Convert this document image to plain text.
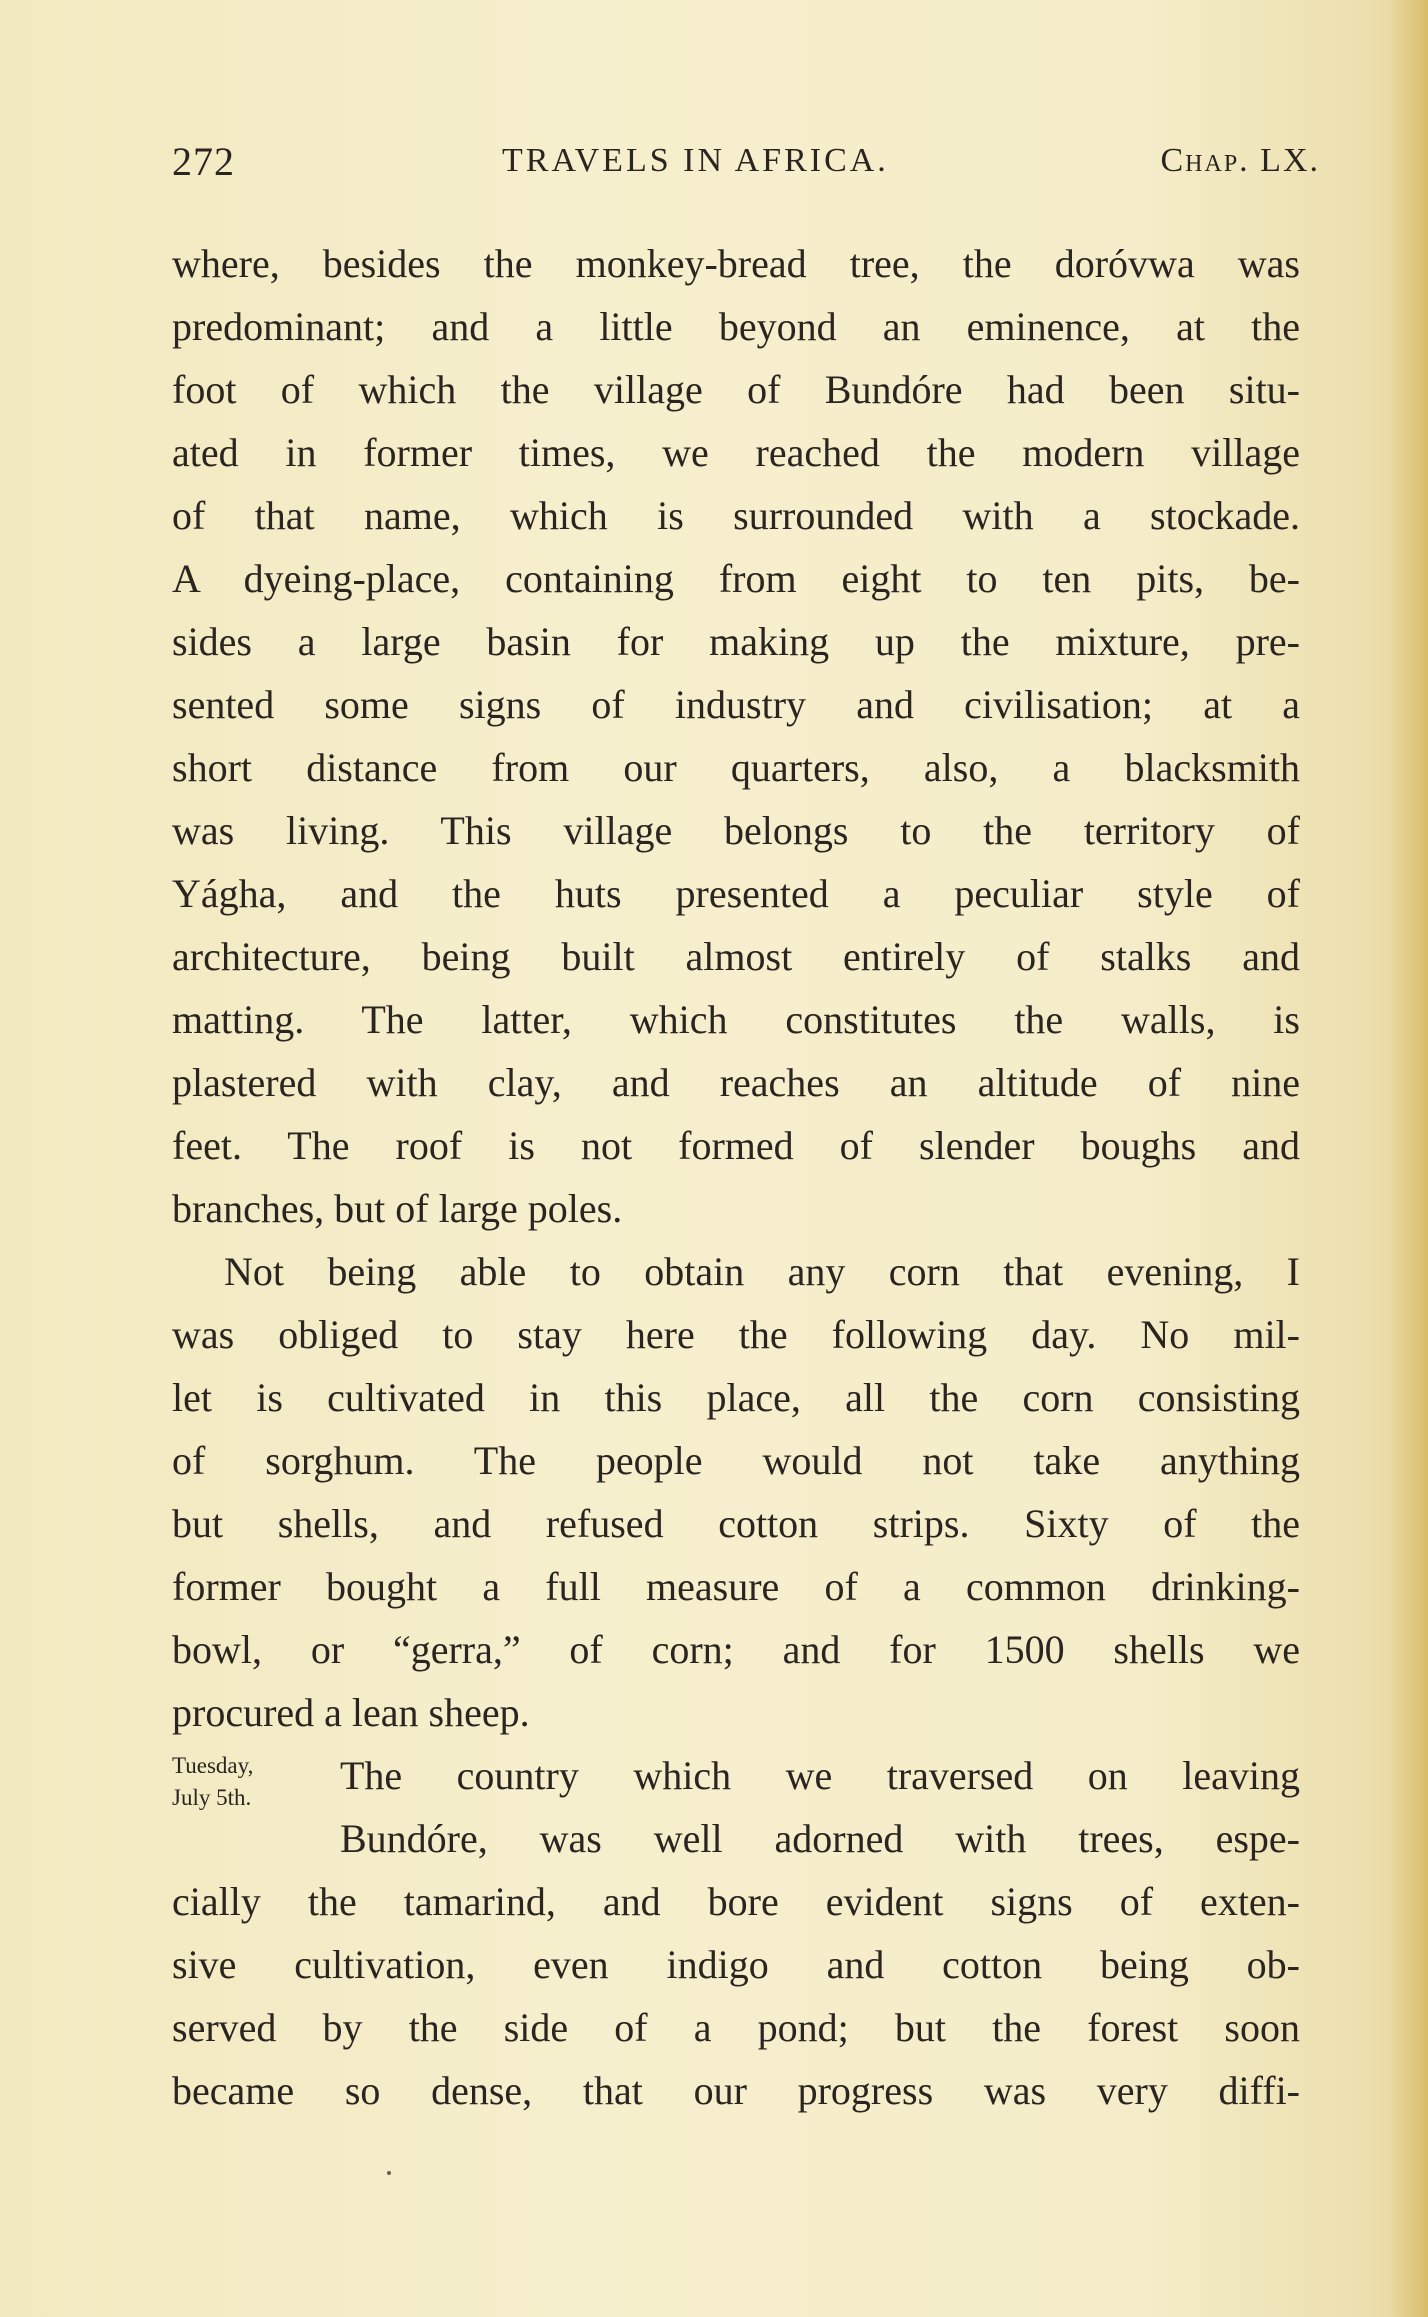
272	TRAVELS IN AFRICA.	Chap. LX.
where, besides the monkey-bread tree, the doróvwa was
predominant; and a little beyond an eminence, at the
foot of which the village of Bundóre had been situ-
ated in former times, we reached the modern village
of that name, which is surrounded with a stockade.
A dyeing-place, containing from eight to ten pits, be-
sides a large basin for making up the mixture, pre-
sented some signs of industry and civilisation; at a
short distance from our quarters, also, a blacksmith
was living. This village belongs to the territory of
Yágha, and the huts presented a peculiar style of
architecture, being built almost entirely of stalks and
matting. The latter, which constitutes the walls, is
plastered with clay, and reaches an altitude of nine
feet. The roof is not formed of slender boughs and
branches, but of large poles.
Not being able to obtain any corn that evening, I
was obliged to stay here the following day. No mil-
let is cultivated in this place, all the corn consisting
of sorghum. The people would not take anything
but shells, and refused cotton strips. Sixty of the
former bought a full measure of a common drinking-
bowl, or “gerra,” of corn; and for 1500 shells we
procured a lean sheep.
The country which we traversed on leaving
Bundóre, was well adorned with trees, espe-
cially the tamarind, and bore evident signs of exten-
sive cultivation, even indigo and cotton being ob-
served by the side of a pond; but the forest soon
became so dense, that our progress was very diffi-
Tuesday,
July 5th.
